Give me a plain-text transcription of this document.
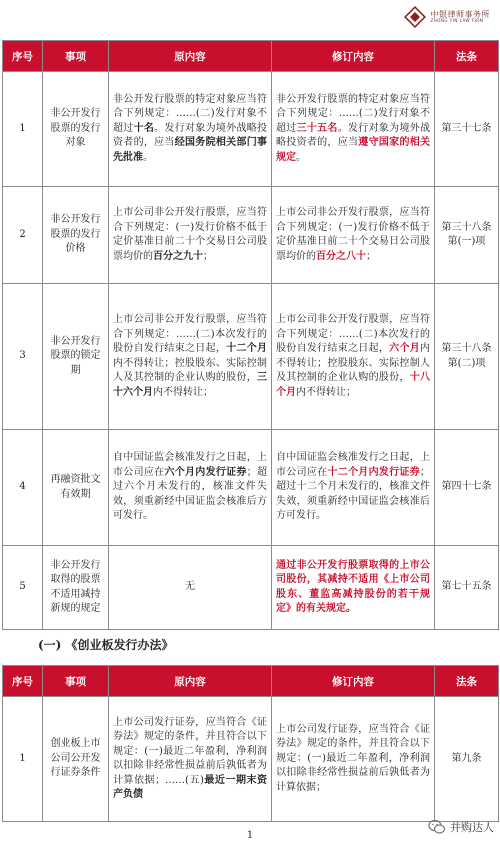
中银律师事务所
ZHONG YIN LAW FIRM
序号	事项	原内容	修订内容	法条
1	非公开发行股票的发行对象	非公开发行股票的特定对象应当符合下列规定：……(二)发行对象不超过十名。发行对象为境外战略投资者的，应当经国务院相关部门事先批准。	非公开发行股票的特定对象应当符合下列规定：……(二)发行对象不超过三十五名。发行对象为境外战略投资者的，应当遵守国家的相关规定。	第三十七条
2	非公开发行股票的发行价格	上市公司非公开发行股票，应当符合下列规定：(一)发行价格不低于定价基准日前二十个交易日公司股票均价的百分之九十；	上市公司非公开发行股票，应当符合下列规定：(一)发行价格不低于定价基准日前二十个交易日公司股票均价的百分之八十；	第三十八条第(一)项
3	非公开发行股票的锁定期	上市公司非公开发行股票，应当符合下列规定：……(二)本次发行的股份自发行结束之日起，十二个月内不得转让；控股股东、实际控制人及其控制的企业认购的股份，三十六个月内不得转让；	上市公司非公开发行股票，应当符合下列规定：……(二)本次发行的股份自发行结束之日起，六个月内不得转让；控股股东、实际控制人及其控制的企业认购的股份，十八个月内不得转让；	第三十八条第(二)项
4	再融资批文有效期	自中国证监会核准发行之日起，上市公司应在六个月内发行证券；超过六个月未发行的，核准文件失效，须重新经中国证监会核准后方可发行。	自中国证监会核准发行之日起，上市公司应在十二个月内发行证券；超过十二个月未发行的，核准文件失效，须重新经中国证监会核准后方可发行。	第四十七条
5	非公开发行取得的股票不适用减持新规的规定	无	通过非公开发行股票取得的上市公司股份，其减持不适用《上市公司股东、董监高减持股份的若干规定》的有关规定。	第七十五条
(一) 《创业板发行办法》
序号	事项	原内容	修订内容	法条
1	创业板上市公司公开发行证券条件	上市公司发行证券，应当符合《证券法》规定的条件，并且符合以下规定：(一)最近二年盈利，净利润以扣除非经常性损益前后孰低者为计算依据；……(五)最近一期末资产负债	上市公司发行证券，应当符合《证券法》规定的条件，并且符合以下规定：(一)最近二年盈利，净利润以扣除非经常性损益前后孰低者为计算依据；	第九条
1
并购达人
